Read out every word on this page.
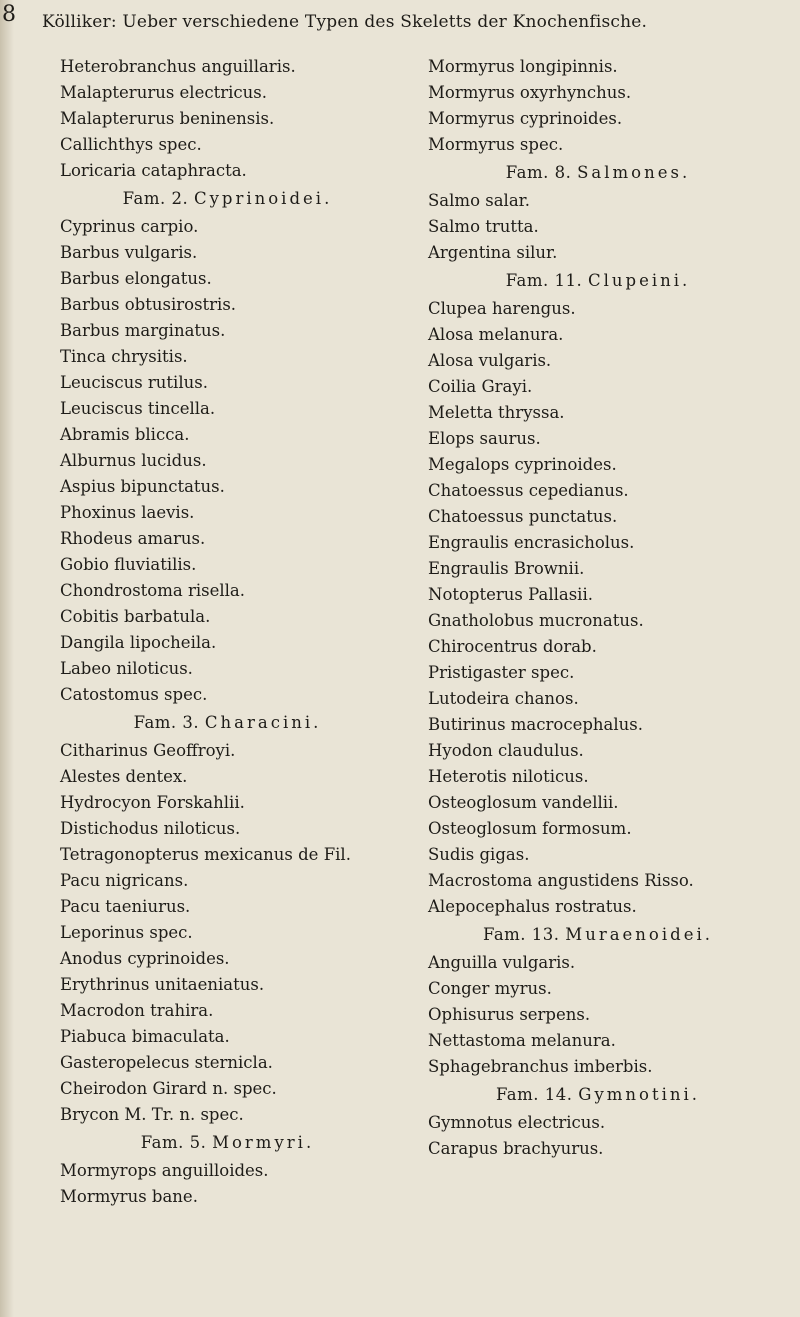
8 Kölliker: Ueber verschiedene Typen des Skeletts der Knochenfische.
Heterobranchus anguillaris.
Malapterurus electricus.
Malapterurus beninensis.
Callichthys spec.
Loricaria cataphracta.
Fam. 2. Cyprinoidei.
Cyprinus carpio.
Barbus vulgaris.
Barbus elongatus.
Barbus obtusirostris.
Barbus marginatus.
Tinca chrysitis.
Leuciscus rutilus.
Leuciscus tincella.
Abramis blicca.
Alburnus lucidus.
Aspius bipunctatus.
Phoxinus laevis.
Rhodeus amarus.
Gobio fluviatilis.
Chondrostoma risella.
Cobitis barbatula.
Dangila lipocheila.
Labeo niloticus.
Catostomus spec.
Fam. 3. Characini.
Citharinus Geoffroyi.
Alestes dentex.
Hydrocyon Forskahlii.
Distichodus niloticus.
Tetragonopterus mexicanus de Fil.
Pacu nigricans.
Pacu taeniurus.
Leporinus spec.
Anodus cyprinoides.
Erythrinus unitaeniatus.
Macrodon trahira.
Piabuca bimaculata.
Gasteropelecus sternicla.
Cheirodon Girard n. spec.
Brycon M. Tr. n. spec.
Fam. 5. Mormyri.
Mormyrops anguilloides.
Mormyrus bane.
Mormyrus longipinnis.
Mormyrus oxyrhynchus.
Mormyrus cyprinoides.
Mormyrus spec.
Fam. 8. Salmones.
Salmo salar.
Salmo trutta.
Argentina silur.
Fam. 11. Clupeini.
Clupea harengus.
Alosa melanura.
Alosa vulgaris.
Coilia Grayi.
Meletta thryssa.
Elops saurus.
Megalops cyprinoides.
Chatoessus cepedianus.
Chatoessus punctatus.
Engraulis encrasicholus.
Engraulis Brownii.
Notopterus Pallasii.
Gnatholobus mucronatus.
Chirocentrus dorab.
Pristigaster spec.
Lutodeira chanos.
Butirinus macrocephalus.
Hyodon claudulus.
Heterotis niloticus.
Osteoglosum vandellii.
Osteoglosum formosum.
Sudis gigas.
Macrostoma angustidens Risso.
Alepocephalus rostratus.
Fam. 13. Muraenoidei.
Anguilla vulgaris.
Conger myrus.
Ophisurus serpens.
Nettastoma melanura.
Sphagebranchus imberbis.
Fam. 14. Gymnotini.
Gymnotus electricus.
Carapus brachyurus.
